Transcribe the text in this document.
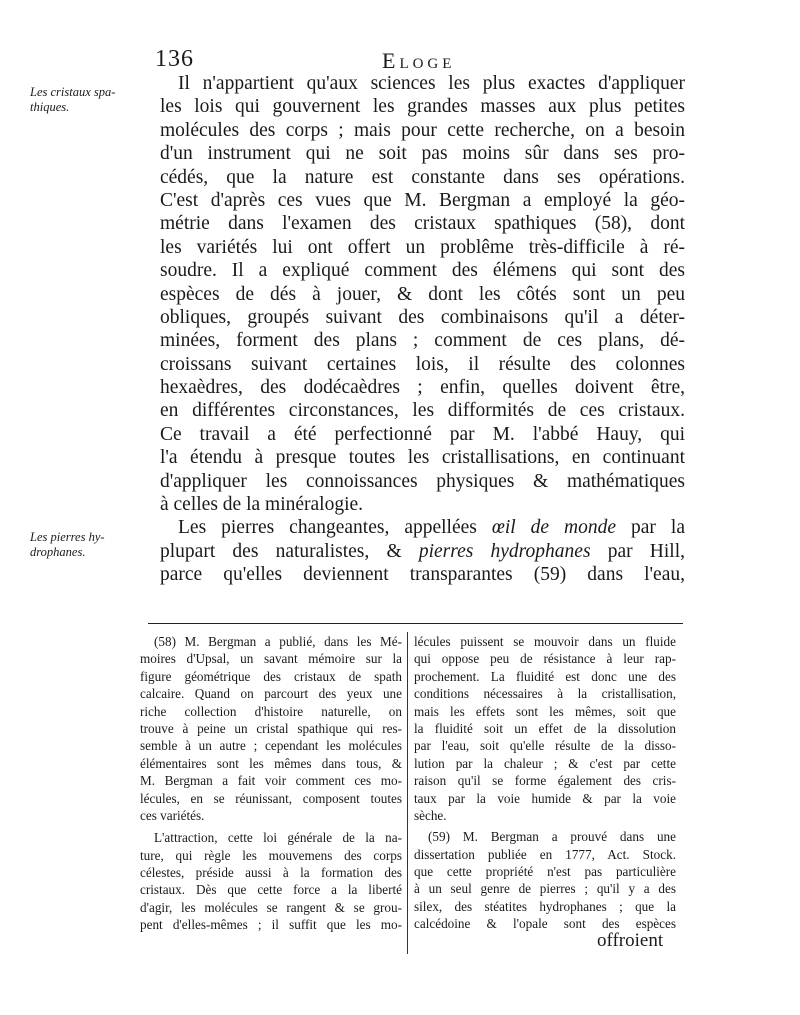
136	Eloge
Les cristaux spa-thiques.
Les pierres hy-drophanes.
Il n'appartient qu'aux sciences les plus exactes d'appliquer
les lois qui gouvernent les grandes masses aux plus petites
molécules des corps ; mais pour cette recherche, on a besoin
d'un instrument qui ne soit pas moins sûr dans ses pro-
cédés, que la nature est constante dans ses opérations.
C'est d'après ces vues que M. Bergman a employé la géo-
métrie dans l'examen des cristaux spathiques (58), dont
les variétés lui ont offert un problême très-difficile à ré-
soudre. Il a expliqué comment des élémens qui sont des
espèces de dés à jouer, & dont les côtés sont un peu
obliques, groupés suivant des combinaisons qu'il a déter-
minées, forment des plans ; comment de ces plans, dé-
croissans suivant certaines lois, il résulte des colonnes
hexaèdres, des dodécaèdres ; enfin, quelles doivent être,
en différentes circonstances, les difformités de ces cristaux.
Ce travail a été perfectionné par M. l'abbé Hauy, qui
l'a étendu à presque toutes les cristallisations, en continuant
d'appliquer les connoissances physiques & mathématiques
à celles de la minéralogie.
Les pierres changeantes, appellées œil de monde par la
plupart des naturalistes, & pierres hydrophanes par Hill,
parce qu'elles deviennent transparantes (59) dans l'eau,
(58) M. Bergman a publié, dans les Mé-
moires d'Upsal, un savant mémoire sur la
figure géométrique des cristaux de spath
calcaire. Quand on parcourt des yeux une
riche collection d'histoire naturelle, on
trouve à peine un cristal spathique qui res-
semble à un autre ; cependant les molécules
élémentaires sont les mêmes dans tous, &
M. Bergman a fait voir comment ces mo-
lécules, en se réunissant, composent toutes
ces variétés.
L'attraction, cette loi générale de la na-
ture, qui règle les mouvemens des corps
célestes, préside aussi à la formation des
cristaux. Dès que cette force a la liberté
d'agir, les molécules se rangent & se grou-
pent d'elles-mêmes ; il suffit que les mo-
lécules puissent se mouvoir dans un fluide
qui oppose peu de résistance à leur rap-
prochement. La fluidité est donc une des
conditions nécessaires à la cristallisation,
mais les effets sont les mêmes, soit que
la fluidité soit un effet de la dissolution
par l'eau, soit qu'elle résulte de la disso-
lution par la chaleur ; & c'est par cette
raison qu'il se forme également des cris-
taux par la voie humide & par la voie
sèche.
(59) M. Bergman a prouvé dans une
dissertation publiée en 1777, Act. Stock.
que cette propriété n'est pas particulière
à un seul genre de pierres ; qu'il y a des
silex, des stéatites hydrophanes ; que la
calcédoine & l'opale sont des espèces
offroient
